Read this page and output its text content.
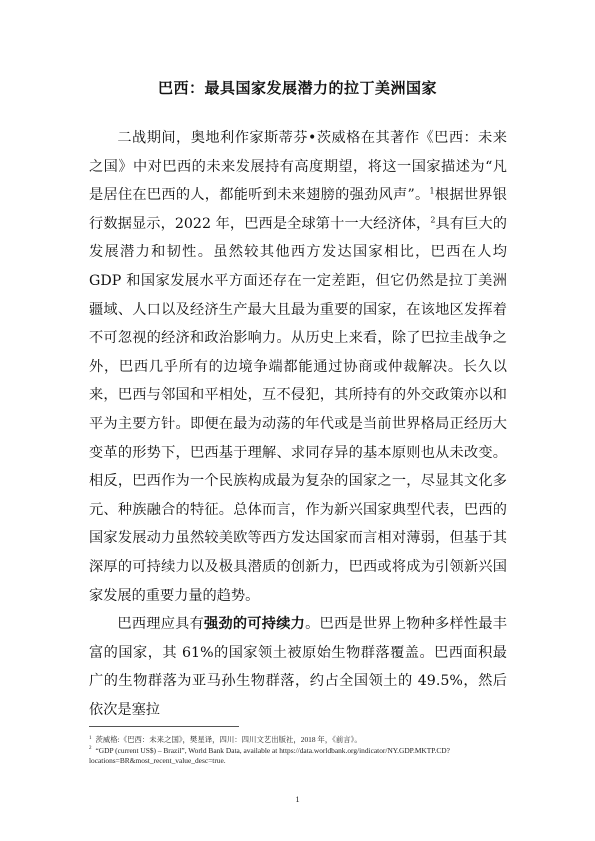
巴西：最具国家发展潜力的拉丁美洲国家

二战期间，奥地利作家斯蒂芬•茨威格在其著作《巴西：未来之国》中对巴西的未来发展持有高度期望，将这一国家描述为“凡是居住在巴西的人，都能听到未来翅膀的强劲风声”。$^1$根据世界银行数据显示，2022 年，巴西是全球第十一大经济体，$^2$具有巨大的发展潜力和韧性。虽然较其他西方发达国家相比，巴西在人均 GDP 和国家发展水平方面还存在一定差距，但它仍然是拉丁美洲疆域、人口以及经济生产最大且最为重要的国家，在该地区发挥着不可忽视的经济和政治影响力。从历史上来看，除了巴拉圭战争之外，巴西几乎所有的边境争端都能通过协商或仲裁解决。长久以来，巴西与邻国和平相处，互不侵犯，其所持有的外交政策亦以和平为主要方针。即便在最为动荡的年代或是当前世界格局正经历大变革的形势下，巴西基于理解、求同存异的基本原则也从未改变。相反，巴西作为一个民族构成最为复杂的国家之一，尽显其文化多元、种族融合的特征。总体而言，作为新兴国家典型代表，巴西的国家发展动力虽然较美欧等西方发达国家而言相对薄弱，但基于其深厚的可持续力以及极具潜质的创新力，巴西或将成为引领新兴国家发展的重要力量的趋势。

巴西理应具有强劲的可持续力。巴西是世界上物种多样性最丰富的国家，其 61%的国家领土被原始生物群落覆盖。巴西面积最广的生物群落为亚马孙生物群落，约占全国领土的 49.5%，然后依次是塞拉

$^1$ 茨威格:《巴西：未来之国》，樊星译，四川：四川文艺出版社，2018 年，《前言》。

$^2$ “GDP (current US$) – Brazil”, World Bank Data, available at https://data.worldbank.org/indicator/NY.GDP.MKTP.CD?locations=BR&most_recent_value_desc=true.

1
